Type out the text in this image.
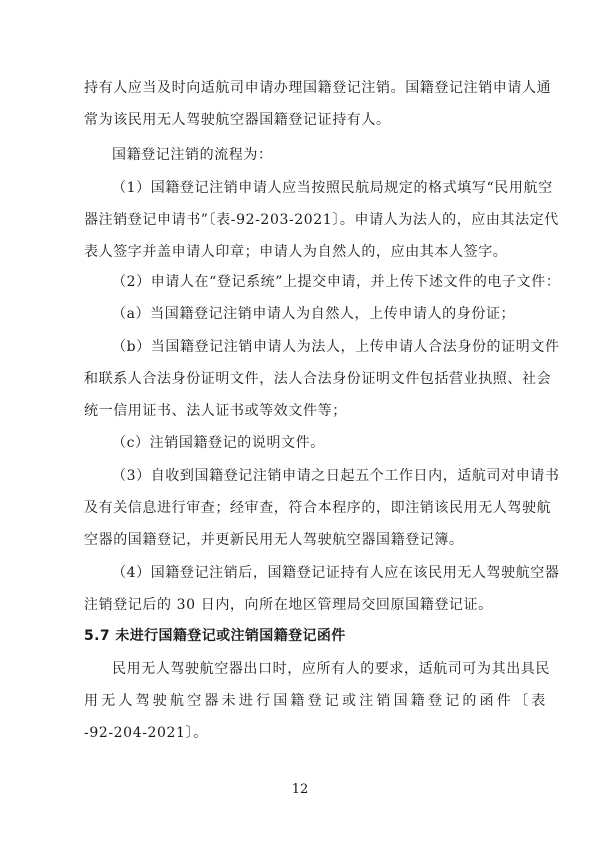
持有人应当及时向适航司申请办理国籍登记注销。国籍登记注销申请人通
常为该民用无人驾驶航空器国籍登记证持有人。
国籍登记注销的流程为：
（1）国籍登记注销申请人应当按照民航局规定的格式填写“民用航空
器注销登记申请书”〔表-92-203-2021〕。申请人为法人的，应由其法定代
表人签字并盖申请人印章；申请人为自然人的，应由其本人签字。
（2）申请人在“登记系统”上提交申请，并上传下述文件的电子文件：
（a）当国籍登记注销申请人为自然人，上传申请人的身份证；
（b）当国籍登记注销申请人为法人，上传申请人合法身份的证明文件
和联系人合法身份证明文件，法人合法身份证明文件包括营业执照、社会
统一信用证书、法人证书或等效文件等；
（c）注销国籍登记的说明文件。
（3）自收到国籍登记注销申请之日起五个工作日内，适航司对申请书
及有关信息进行审查；经审查，符合本程序的，即注销该民用无人驾驶航
空器的国籍登记，并更新民用无人驾驶航空器国籍登记簿。
（4）国籍登记注销后，国籍登记证持有人应在该民用无人驾驶航空器
注销登记后的 30 日内，向所在地区管理局交回原国籍登记证。
5.7 未进行国籍登记或注销国籍登记函件
民用无人驾驶航空器出口时，应所有人的要求，适航司可为其出具民
用无人驾驶航空器未进行国籍登记或注销国籍登记的函件〔表
-92-204-2021〕。
12
